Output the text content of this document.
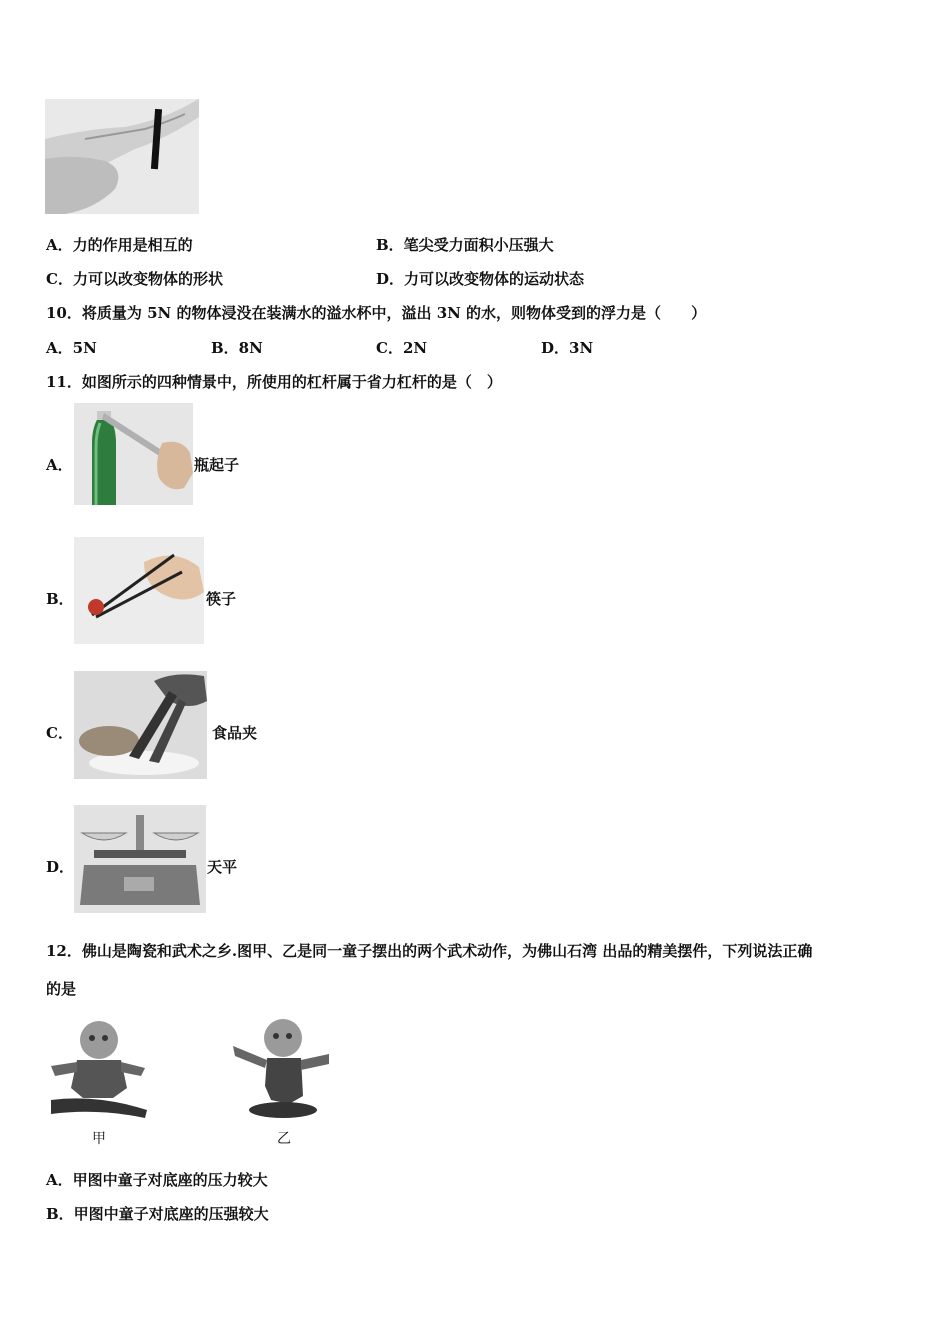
A．力的作用是相互的	B．笔尖受力面积小压强大
C．力可以改变物体的形状	D．力可以改变物体的运动状态
10．将质量为 5N 的物体浸没在装满水的溢水杯中，溢出 3N 的水，则物体受到的浮力是（　　）
A．5N	B．8N	C．2N	D．3N
11．如图所示的四种情景中，所使用的杠杆属于省力杠杆的是（　）
A．	瓶起子
B．	筷子
C．	食品夹
D．	天平
12．佛山是陶瓷和武术之乡.图甲、乙是同一童子摆出的两个武术动作，为佛山石湾 出品的精美摆件，下列说法正确
的是
甲	乙
A．甲图中童子对底座的压力较大
B．甲图中童子对底座的压强较大
